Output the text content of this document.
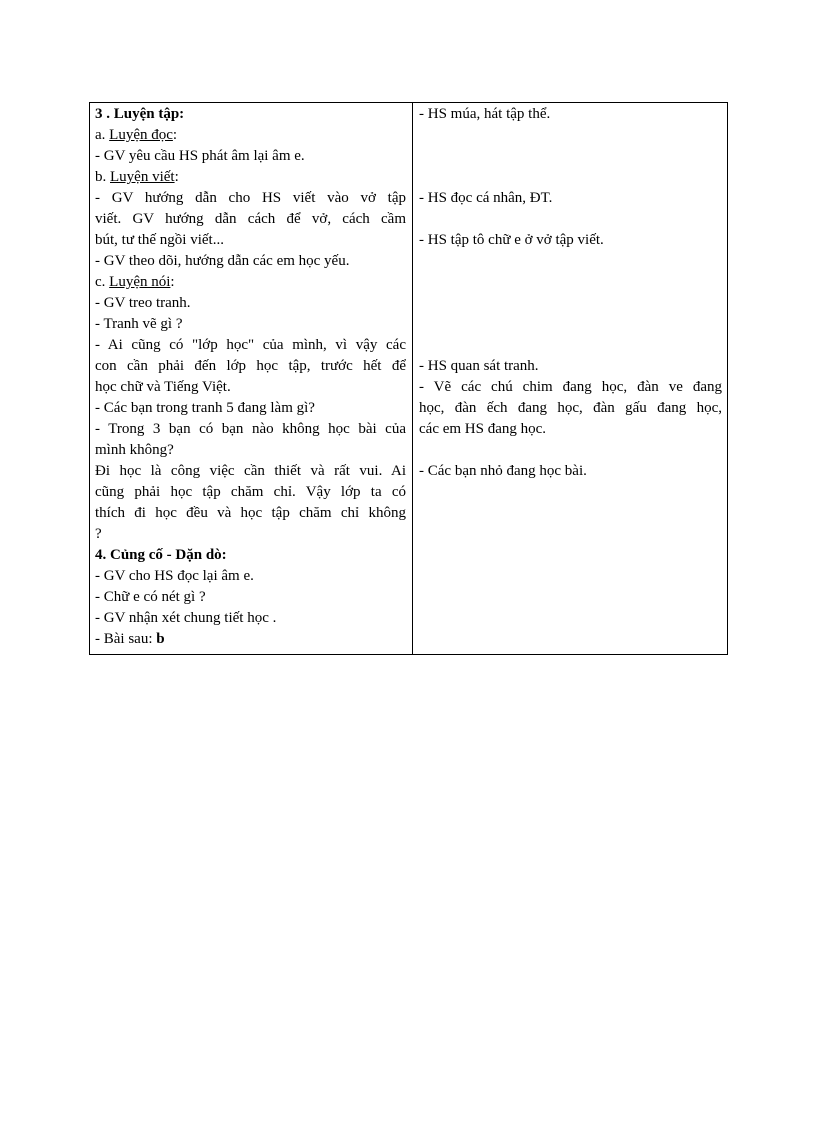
3 . Luyện tập:
a. Luyện đọc:
- GV yêu cầu HS phát âm lại âm e.
b. Luyện viết:
- GV hướng dẫn cho HS viết vào vở tập
viết. GV hướng dẫn cách để vở, cách cầm
bút, tư thế ngồi viết...
- GV theo dõi, hướng dẫn các em học yếu.
c. Luyện nói:
- GV treo tranh.
- Tranh vẽ gì ?
- Ai cũng có "lớp học" của mình, vì vậy các
con cần phải đến lớp học tập, trước hết để
học chữ và Tiếng Việt.
- Các bạn trong tranh 5 đang làm gì?
- Trong 3 bạn có bạn nào không học bài của
mình không?
Đi học là công việc cần thiết và rất vui. Ai
cũng phải học tập chăm chỉ. Vậy lớp ta có
thích đi học đều và học tập chăm chỉ không
?
4. Củng cố - Dặn dò:
- GV cho HS đọc lại âm e.
- Chữ e có nét gì ?
- GV nhận xét chung tiết học .
- Bài sau: b
- HS múa, hát tập thể.
- HS đọc cá nhân, ĐT.
- HS tập tô chữ e ở vở tập viết.
- HS quan sát tranh.
- Vẽ các chú chim đang học, đàn ve đang
học, đàn ếch đang học, đàn gấu đang học,
các em HS đang học.
- Các bạn nhỏ đang học bài.
